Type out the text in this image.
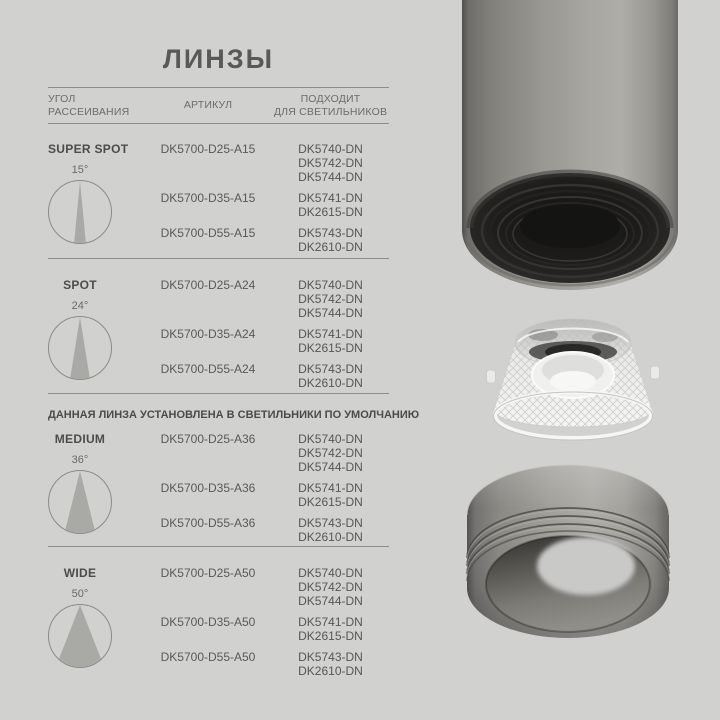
ЛИНЗЫ
УГОЛ
РАССЕИВАНИЯ
АРТИКУЛ
ПОДХОДИТ
ДЛЯ СВЕТИЛЬНИКОВ
SUPER SPOT
15°
DK5700-D25-A15	DK5740-DN
DK5742-DN
DK5744-DN
DK5700-D35-A15	DK5741-DN
DK2615-DN
DK5700-D55-A15	DK5743-DN
DK2610-DN
SPOT
24°
DK5700-D25-A24	DK5740-DN
DK5742-DN
DK5744-DN
DK5700-D35-A24	DK5741-DN
DK2615-DN
DK5700-D55-A24	DK5743-DN
DK2610-DN
MEDIUM
36°
DK5700-D25-A36	DK5740-DN
DK5742-DN
DK5744-DN
DK5700-D35-A36	DK5741-DN
DK2615-DN
DK5700-D55-A36	DK5743-DN
DK2610-DN
WIDE
50°
DK5700-D25-A50	DK5740-DN
DK5742-DN
DK5744-DN
DK5700-D35-A50	DK5741-DN
DK2615-DN
DK5700-D55-A50	DK5743-DN
DK2610-DN
ДАННАЯ ЛИНЗА УСТАНОВЛЕНА В СВЕТИЛЬНИКИ ПО УМОЛЧАНИЮ
